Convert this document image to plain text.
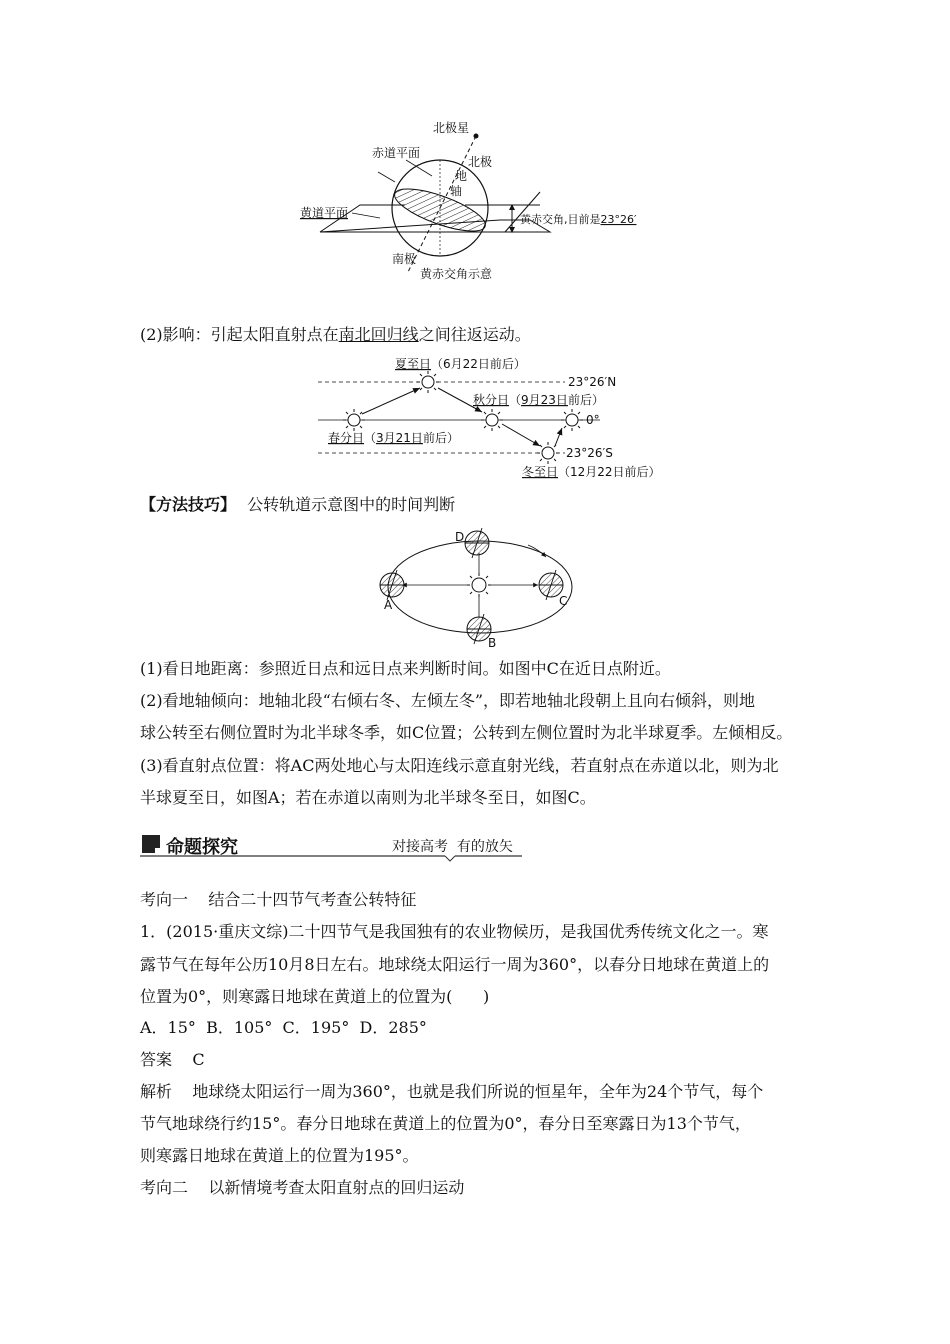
北极星
北极
赤道平面
地
轴
黄道平面	黄赤交角,目前是23°26′
南极
黄赤交角示意
(2)影响：引起太阳直射点在南北回归线之间往返运动。
夏至日（6月22日前后）
23°26′N
秋分日（9月23日前后）
0°
春分日（3月21日前后）
23°26′S
冬至日（12月22日前后）
【方法技巧】 公转轨道示意图中的时间判断
A
B
C
D
(1)看日地距离：参照近日点和远日点来判断时间。如图中C在近日点附近。
(2)看地轴倾向：地轴北段“右倾右冬、左倾左冬”，即若地轴北段朝上且向右倾斜，则地
球公转至右侧位置时为北半球冬季，如C位置；公转到左侧位置时为北半球夏季。左倾相反。
(3)看直射点位置：将AC两处地心与太阳连线示意直射光线，若直射点在赤道以北，则为北
半球夏至日，如图A；若在赤道以南则为北半球冬至日，如图C。
命题探究	对接高考  有的放矢
考向一    结合二十四节气考查公转特征
1．(2015·重庆文综)二十四节气是我国独有的农业物候历，是我国优秀传统文化之一。寒
露节气在每年公历10月8日左右。地球绕太阳运行一周为360°，以春分日地球在黄道上的
位置为0°，则寒露日地球在黄道上的位置为(      )
A．15°  B．105°  C．195°  D．285°
答案    C
解析    地球绕太阳运行一周为360°，也就是我们所说的恒星年，全年为24个节气，每个
节气地球绕行约15°。春分日地球在黄道上的位置为0°，春分日至寒露日为13个节气，
则寒露日地球在黄道上的位置为195°。
考向二    以新情境考查太阳直射点的回归运动
